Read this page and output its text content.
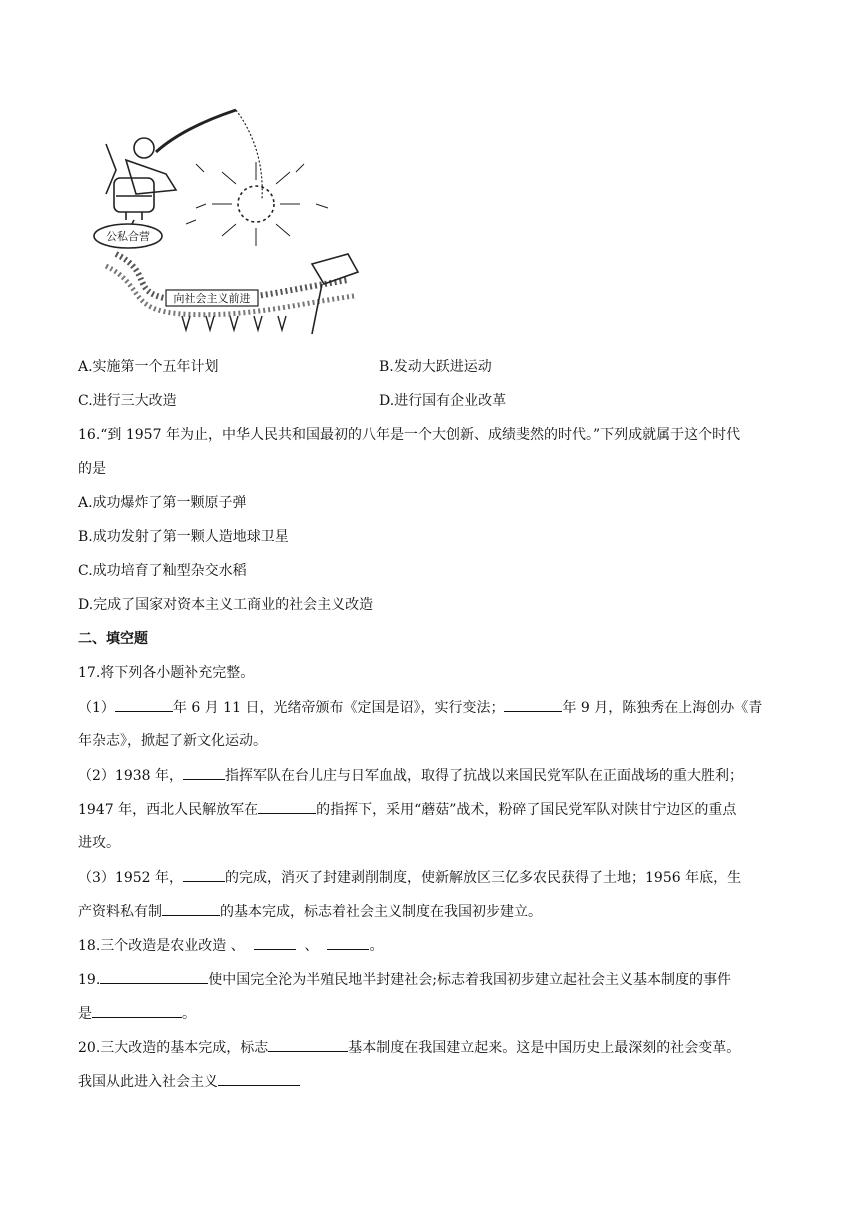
公私合营
向社会主义前进
A.实施第一个五年计划	B.发动大跃进运动
C.进行三大改造	D.进行国有企业改革
16.“到 1957 年为止，中华人民共和国最初的八年是一个大创新、成绩斐然的时代。”下列成就属于这个时代
的是
A.成功爆炸了第一颗原子弹
B.成功发射了第一颗人造地球卫星
C.成功培育了籼型杂交水稻
D.完成了国家对资本主义工商业的社会主义改造
二、填空题
17.将下列各小题补充完整。
（1）	年 6 月 11 日，光绪帝颁布《定国是诏》，实行变法；	年 9 月，陈独秀在上海创办《青
年杂志》，掀起了新文化运动。
（2）1938 年，	指挥军队在台儿庄与日军血战，取得了抗战以来国民党军队在正面战场的重大胜利；
1947 年，西北人民解放军在	的指挥下，采用“蘑菇”战术，粉碎了国民党军队对陕甘宁边区的重点
进攻。
（3）1952 年，	的完成，消灭了封建剥削制度，使新解放区三亿多农民获得了土地；1956 年底，生
产资料私有制	的基本完成，标志着社会主义制度在我国初步建立。
18.三个改造是农业改造 、	、	。
19.	使中国完全沦为半殖民地半封建社会;标志着我国初步建立起社会主义基本制度的事件
是	。
20.三大改造的基本完成，标志	基本制度在我国建立起来。这是中国历史上最深刻的社会变革。
我国从此进入社会主义
